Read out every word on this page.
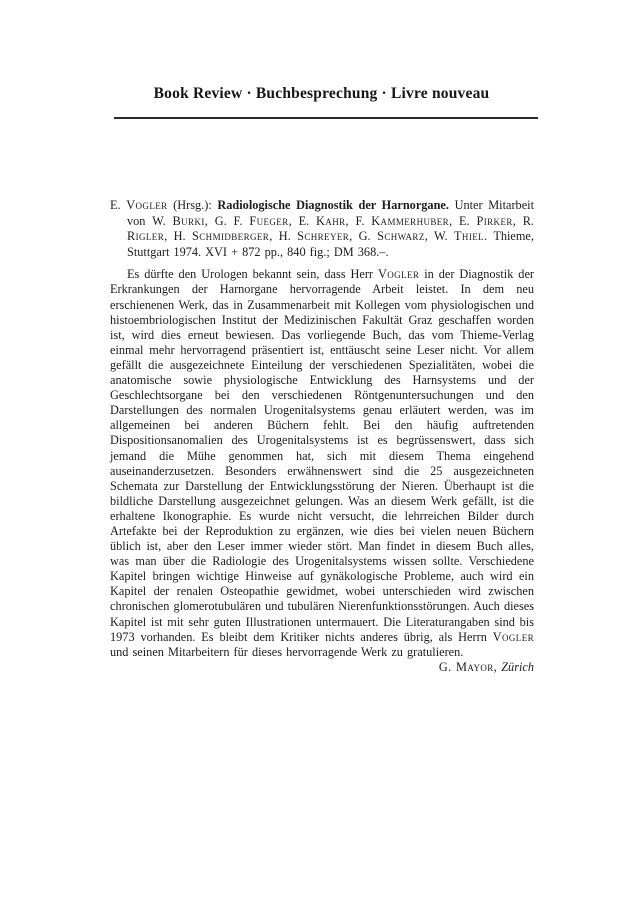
Book Review · Buchbesprechung · Livre nouveau

E. Vogler (Hrsg.): Radiologische Diagnostik der Harnorgane. Unter Mitarbeit von W. Burki, G. F. Fueger, E. Kahr, F. Kammerhuber, E. Pirker, R. Rigler, H. Schmidberger, H. Schreyer, G. Schwarz, W. Thiel. Thieme, Stuttgart 1974. XVI + 872 pp., 840 fig.; DM 368.–.

Es dürfte den Urologen bekannt sein, dass Herr Vogler in der Diagnostik der Erkrankungen der Harnorgane hervorragende Arbeit leistet. In dem neu erschienenen Werk, das in Zusammenarbeit mit Kollegen vom physiologischen und histoembriologischen Institut der Medizinischen Fakultät Graz geschaffen worden ist, wird dies erneut bewiesen. Das vorliegende Buch, das vom Thieme-Verlag einmal mehr hervorragend präsentiert ist, enttäuscht seine Leser nicht. Vor allem gefällt die ausgezeichnete Einteilung der verschiedenen Spezialitäten, wobei die anatomische sowie physiologische Entwicklung des Harnsystems und der Geschlechtsorgane bei den verschiedenen Röntgenuntersuchungen und den Darstellungen des normalen Urogenitalsystems genau erläutert werden, was im allgemeinen bei anderen Büchern fehlt. Bei den häufig auftretenden Dispositionsanomalien des Urogenitalsystems ist es begrüssenswert, dass sich jemand die Mühe genommen hat, sich mit diesem Thema eingehend auseinanderzusetzen. Besonders erwähnenswert sind die 25 ausgezeichneten Schemata zur Darstellung der Entwicklungsstörung der Nieren. Überhaupt ist die bildliche Darstellung ausgezeichnet gelungen. Was an diesem Werk gefällt, ist die erhaltene Ikonographie. Es wurde nicht versucht, die lehrreichen Bilder durch Artefakte bei der Reproduktion zu ergänzen, wie dies bei vielen neuen Büchern üblich ist, aber den Leser immer wieder stört. Man findet in diesem Buch alles, was man über die Radiologie des Urogenitalsystems wissen sollte. Verschiedene Kapitel bringen wichtige Hinweise auf gynäkologische Probleme, auch wird ein Kapitel der renalen Osteopathie gewidmet, wobei unterschieden wird zwischen chronischen glomerotubulären und tubulären Nierenfunktionsstörungen. Auch dieses Kapitel ist mit sehr guten Illustrationen untermauert. Die Literaturangaben sind bis 1973 vorhanden. Es bleibt dem Kritiker nichts anderes übrig, als Herrn Vogler und seinen Mitarbeitern für dieses hervorragende Werk zu gratulieren.
G. Mayor, Zürich
